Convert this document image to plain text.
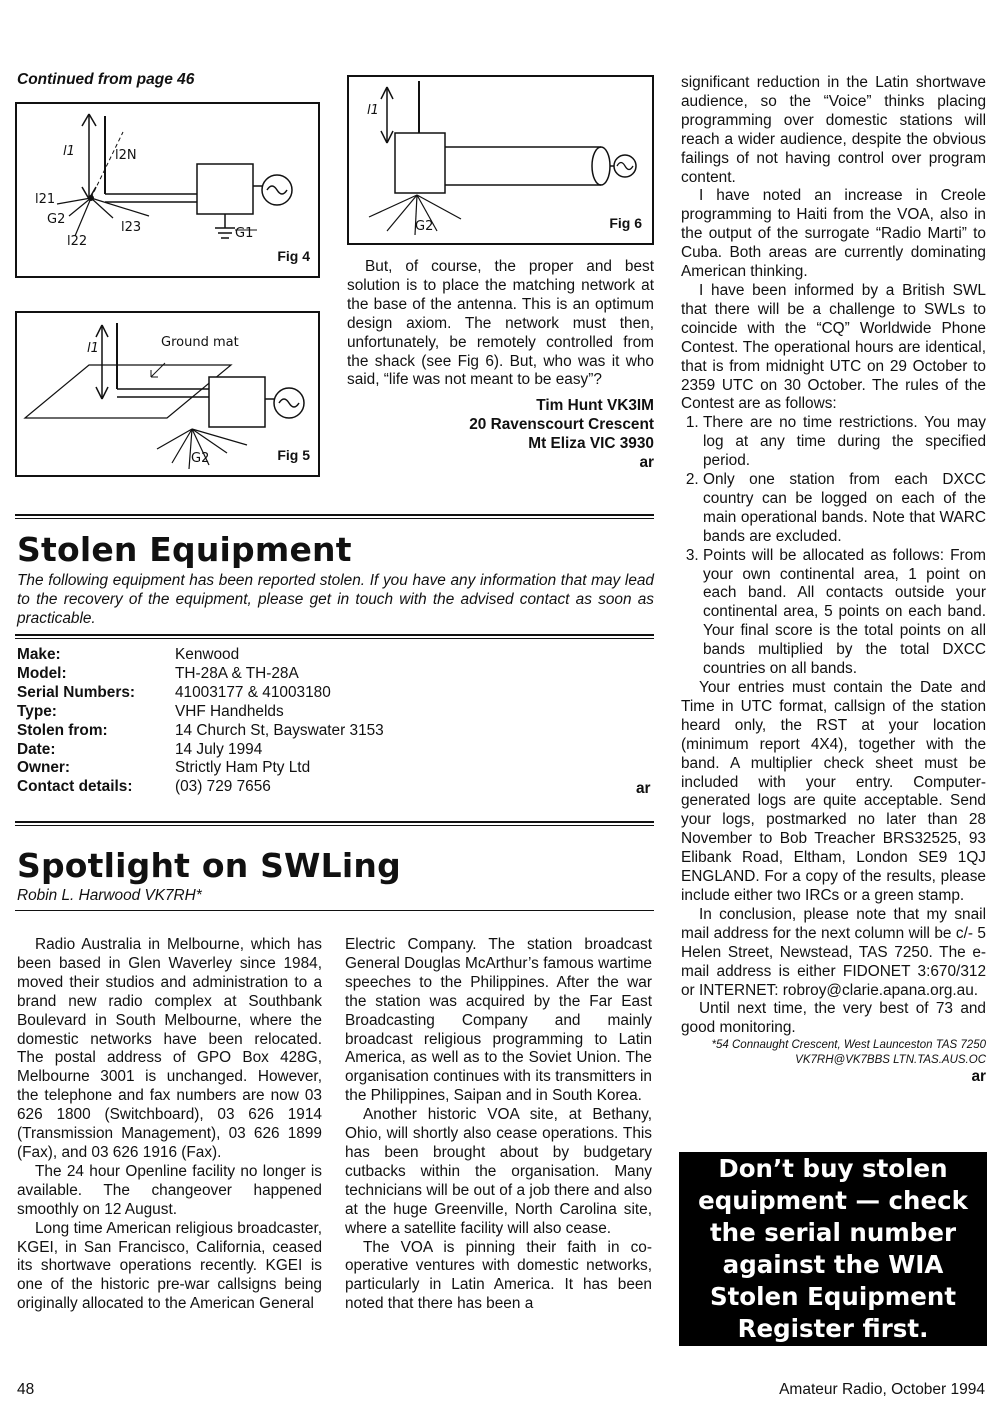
Continued from page 46
l1	l2N
l21
G2
l22
l23	G1
Fig 4
l1	Ground mat
G2	Fig 5
l1
G2	Fig 6

But, of course, the proper and best solution is to place the matching network at the base of the antenna. This is an optimum design axiom. The network must then, unfortunately, be remotely controlled from the shack (see Fig 6). But, who was it who said, “life was not meant to be easy”?

Tim Hunt VK3IM
20 Ravenscourt Crescent
Mt Eliza VIC 3930
ar
Stolen Equipment
The following equipment has been reported stolen. If you have any information that may lead to the recovery of the equipment, please get in touch with the advised contact as soon as practicable.
Make:	Kenwood
Model:	TH-28A & TH-28A
Serial Numbers:	41003177 & 41003180
Type:	VHF Handhelds
Stolen from:	14 Church St, Bayswater 3153
Date:	14 July 1994
Owner:	Strictly Ham Pty Ltd
Contact details:	(03) 729 7656	ar
Spotlight on SWLing
Robin L. Harwood VK7RH*

Radio Australia in Melbourne, which has been based in Glen Waverley since 1984, moved their studios and administration to a brand new radio complex at Southbank Boulevard in South Melbourne, where the domestic networks have been relocated. The postal address of GPO Box 428G, Melbourne 3001 is unchanged. However, the telephone and fax numbers are now 03 626 1800 (Switchboard), 03 626 1914 (Transmission Management), 03 626 1899 (Fax), and 03 626 1916 (Fax).

The 24 hour Openline facility no longer is available. The changeover happened smoothly on 12 August.

Long time American religious broadcaster, KGEI, in San Francisco, California, ceased its shortwave operations recently. KGEI is one of the historic pre-war callsigns being originally allocated to the American General

Electric Company. The station broadcast General Douglas McArthur’s famous wartime speeches to the Philippines. After the war the station was acquired by the Far East Broadcasting Company and mainly broadcast religious programming to Latin America, as well as to the Soviet Union. The organisation continues with its transmitters in the Philippines, Saipan and in South Korea.

Another historic VOA site, at Bethany, Ohio, will shortly also cease operations. This has been brought about by budgetary cutbacks within the organisation. Many technicians will be out of a job there and also at the huge Greenville, North Carolina site, where a satellite facility will also cease.

The VOA is pinning their faith in co-operative ventures with domestic networks, particularly in Latin America. It has been noted that there has been a

significant reduction in the Latin shortwave audience, so the “Voice” thinks placing programming over domestic stations will reach a wider audience, despite the obvious failings of not having control over program content.

I have noted an increase in Creole programming to Haiti from the VOA, also in the output of the surrogate “Radio Marti” to Cuba. Both areas are currently dominating American thinking.

I have been informed by a British SWL that there will be a challenge to SWLs to coincide with the “CQ” Worldwide Phone Contest. The operational hours are identical, that is from midnight UTC on 29 October to 2359 UTC on 30 October. The rules of the Contest are as follows:

1. There are no time restrictions. You may log at any time during the specified period.
2. Only one station from each DXCC country can be logged on each of the main operational bands. Note that WARC bands are excluded.
3. Points will be allocated as follows: From your own continental area, 1 point on each band. All contacts outside your continental area, 5 points on each band. Your final score is the total points on all bands multiplied by the total DXCC countries on all bands.

Your entries must contain the Date and Time in UTC format, callsign of the station heard only, the RST at your location (minimum report 4X4), together with the band. A multiplier check sheet must be included with your entry. Computer-generated logs are quite acceptable. Send your logs, postmarked no later than 28 November to Bob Treacher BRS32525, 93 Elibank Road, Eltham, London SE9 1QJ ENGLAND. For a copy of the results, please include either two IRCs or a green stamp.

In conclusion, please note that my snail mail address for the next column will be c/- 5 Helen Street, Newstead, TAS 7250. The e-mail address is either FIDONET 3:670/312 or INTERNET: robroy@clarie.apana.org.au.

Until next time, the very best of 73 and good monitoring.

*54 Connaught Crescent, West Launceston TAS 7250
VK7RH@VK7BBS LTN.TAS.AUS.OC
ar
Don’t buy stolen equipment — check the serial number against the WIA Stolen Equipment Register first.
48	Amateur Radio, October 1994
